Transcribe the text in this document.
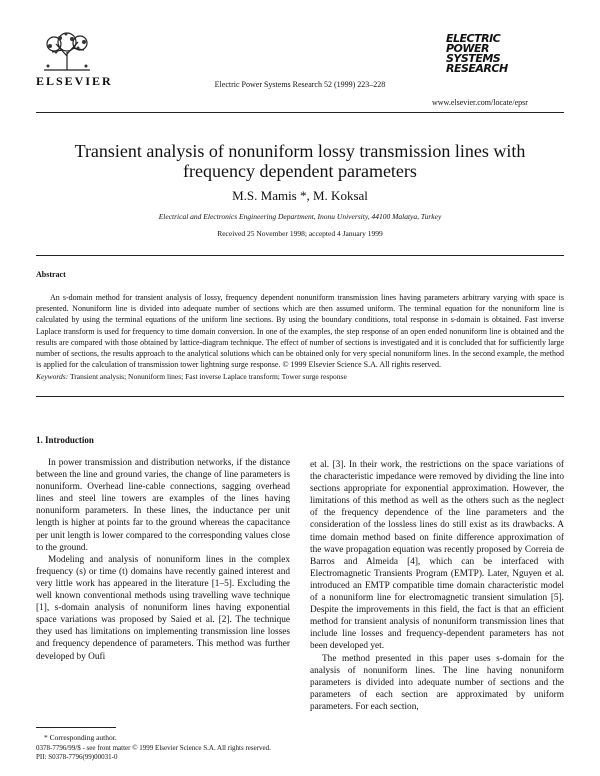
ELSEVIER	Electric Power Systems Research 52 (1999) 223–228
ELECTRIC
POWER
SYSTEMS
RESEARCH
www.elsevier.com/locate/epsr
Transient analysis of nonuniform lossy transmission lines with frequency dependent parameters
M.S. Mamis *, M. Koksal
Electrical and Electronics Engineering Department, Inonu University, 44100 Malatya, Turkey
Received 25 November 1998; accepted 4 January 1999
Abstract
An s-domain method for transient analysis of lossy, frequency dependent nonuniform transmission lines having parameters arbitrary varying with space is presented. Nonuniform line is divided into adequate number of sections which are then assumed uniform. The terminal equation for the nonuniform line is calculated by using the terminal equations of the uniform line sections. By using the boundary conditions, total response in s-domain is obtained. Fast inverse Laplace transform is used for frequency to time domain conversion. In one of the examples, the step response of an open ended nonuniform line is obtained and the results are compared with those obtained by lattice-diagram technique. The effect of number of sections is investigated and it is concluded that for sufficiently large number of sections, the results approach to the analytical solutions which can be obtained only for very special nonuniform lines. In the second example, the method is applied for the calculation of transmission tower lightning surge response. © 1999 Elsevier Science S.A. All rights reserved.
Keywords: Transient analysis; Nonuniform lines; Fast inverse Laplace transform; Tower surge response
1. Introduction

In power transmission and distribution networks, if the distance between the line and ground varies, the change of line parameters is nonuniform. Overhead line-cable connections, sagging overhead lines and steel line towers are examples of the lines having nonuniform parameters. In these lines, the inductance per unit length is higher at points far to the ground whereas the capacitance per unit length is lower compared to the corresponding values close to the ground.

Modeling and analysis of nonuniform lines in the complex frequency (s) or time (t) domains have recently gained interest and very little work has appeared in the literature [1–5]. Excluding the well known conventional methods using travelling wave technique [1], s-domain analysis of nonuniform lines having exponential space variations was proposed by Saied et al. [2]. The technique they used has limitations on implementing transmission line losses and frequency dependence of parameters. This method was further developed by Oufi

et al. [3]. In their work, the restrictions on the space variations of the characteristic impedance were removed by dividing the line into sections appropriate for exponential approximation. However, the limitations of this method as well as the others such as the neglect of the frequency dependence of the line parameters and the consideration of the lossless lines do still exist as its drawbacks. A time domain method based on finite difference approximation of the wave propagation equation was recently proposed by Correia de Barros and Almeida [4], which can be interfaced with Electromagnetic Transients Program (EMTP). Later, Nguyen et al. introduced an EMTP compatible time domain characteristic model of a nonuniform line for electromagnetic transient simulation [5]. Despite the improvements in this field, the fact is that an efficient method for transient analysis of nonuniform transmission lines that include line losses and frequency-dependent parameters has not been developed yet.

The method presented in this paper uses s-domain for the analysis of nonuniform lines. The line having nonuniform parameters is divided into adequate number of sections and the parameters of each section are approximated by uniform parameters. For each section,

* Corresponding author.
0378-7796/99/$ - see front matter © 1999 Elsevier Science S.A. All rights reserved.
PII: S0378-7796(99)00031-0
